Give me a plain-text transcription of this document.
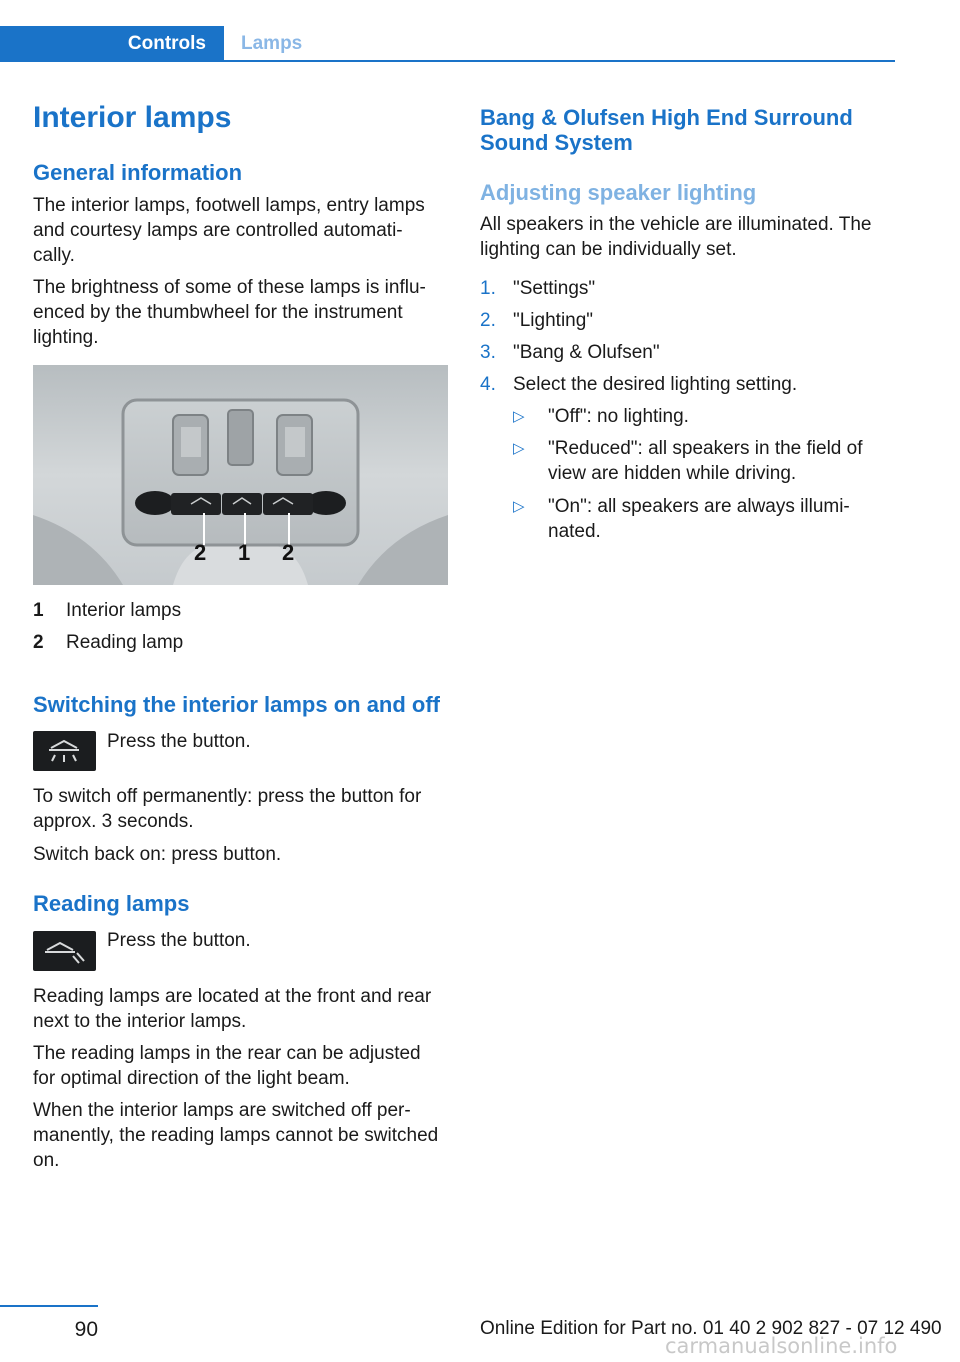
Controls	Lamps
Interior lamps
General information
The interior lamps, footwell lamps, entry lamps
and courtesy lamps are controlled automati‐
cally.
The brightness of some of these lamps is influ‐
enced by the thumbwheel for the instrument
lighting.
2 1 2
1 Interior lamps
2 Reading lamp
Switching the interior lamps on and off
Press the button.
To switch off permanently: press the button for
approx. 3 seconds.
Switch back on: press button.
Reading lamps
Press the button.
Reading lamps are located at the front and rear
next to the interior lamps.
The reading lamps in the rear can be adjusted
for optimal direction of the light beam.
When the interior lamps are switched off per‐
manently, the reading lamps cannot be switched
on.
Bang & Olufsen High End Surround
Sound System
Adjusting speaker lighting
All speakers in the vehicle are illuminated. The
lighting can be individually set.
1. "Settings"
2. "Lighting"
3. "Bang & Olufsen"
4. Select the desired lighting setting.
▷ "Off": no lighting.
▷ "Reduced": all speakers in the field of
view are hidden while driving.
▷ "On": all speakers are always illumi‐
nated.
90	Online Edition for Part no. 01 40 2 902 827 - 07 12 490
carmanualsonline.info
